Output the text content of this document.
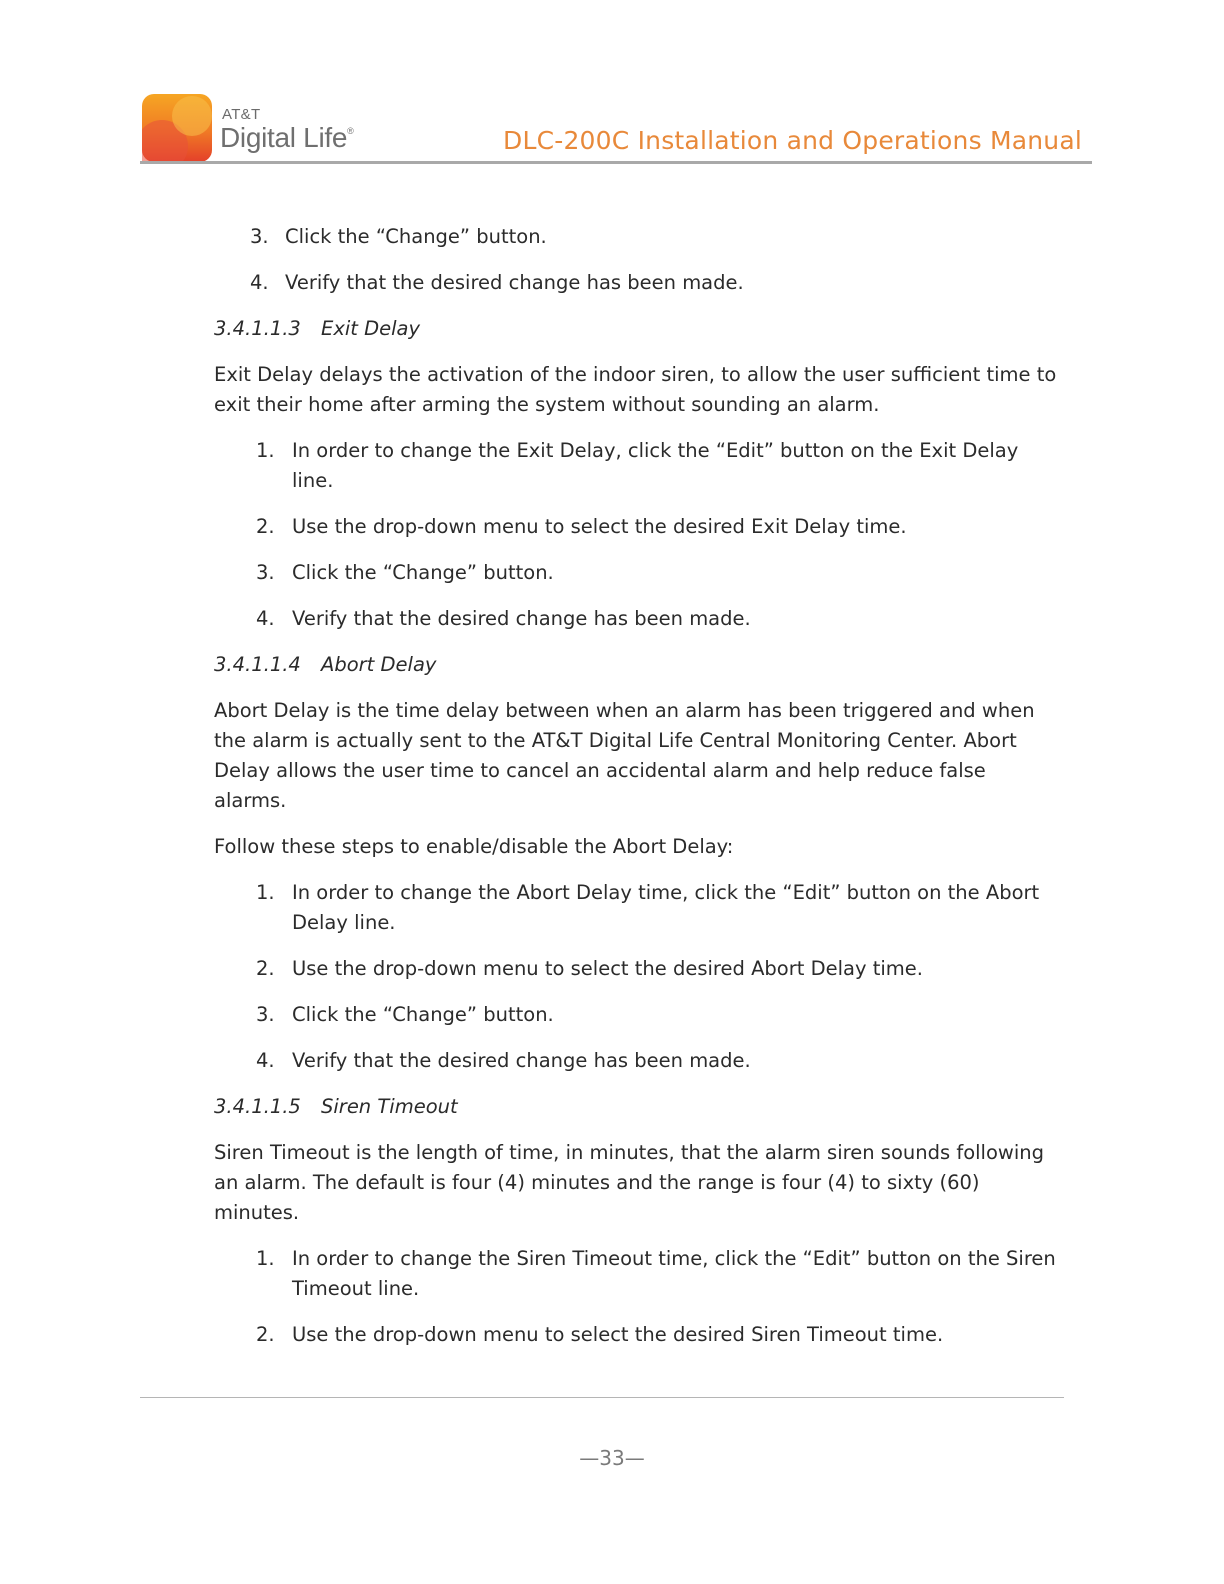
AT&T
Digital Life®	DLC-200C Installation and Operations Manual
3. Click the “Change” button.
4. Verify that the desired change has been made.
3.4.1.1.3 Exit Delay

Exit Delay delays the activation of the indoor siren, to allow the user sufficient time to exit their home after arming the system without sounding an alarm.

1. In order to change the Exit Delay, click the “Edit” button on the Exit Delay line.
2. Use the drop-down menu to select the desired Exit Delay time.
3. Click the “Change” button.
4. Verify that the desired change has been made.
3.4.1.1.4 Abort Delay

Abort Delay is the time delay between when an alarm has been triggered and when the alarm is actually sent to the AT&T Digital Life Central Monitoring Center. Abort Delay allows the user time to cancel an accidental alarm and help reduce false alarms.

Follow these steps to enable/disable the Abort Delay:

1. In order to change the Abort Delay time, click the “Edit” button on the Abort Delay line.
2. Use the drop-down menu to select the desired Abort Delay time.
3. Click the “Change” button.
4. Verify that the desired change has been made.
3.4.1.1.5 Siren Timeout

Siren Timeout is the length of time, in minutes, that the alarm siren sounds following an alarm. The default is four (4) minutes and the range is four (4) to sixty (60) minutes.

1. In order to change the Siren Timeout time, click the “Edit” button on the Siren Timeout line.
2. Use the drop-down menu to select the desired Siren Timeout time.
—33—
